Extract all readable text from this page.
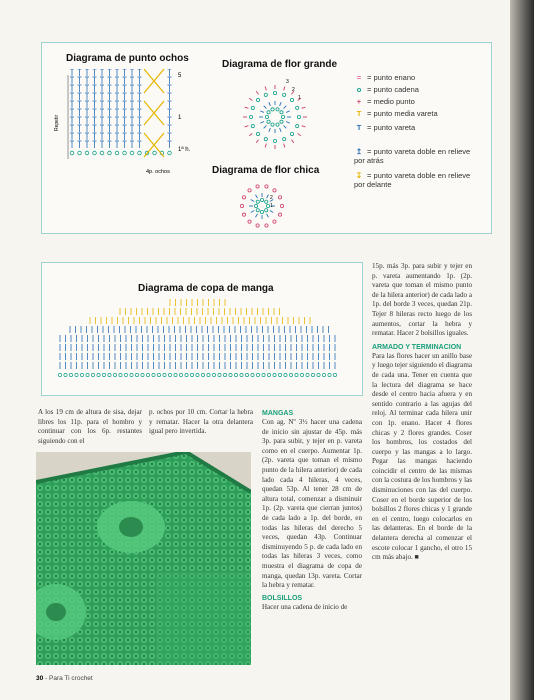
Diagrama de punto ochos
5
1
1ª h.
Repetir
4p. ochos
Diagrama de flor grande
3
2
1
Diagrama de flor chica
2
1
= = punto enano
o = punto cadena
+ = medio punto
T = punto media vareta
T = punto vareta
↥ = punto vareta doble en relieve por atrás
↧ = punto vareta doble en relieve por delante
Diagrama de copa de manga

A los 19 cm de altura de sisa, dejar libres los 11p. para el hombro y continuar con los 6p. restantes siguiendo con el

p. ochos por 10 cm. Cortar la hebra y rematar. Hacer la otra delantera igual pero invertida.

MANGAS

Con ag. Nº 3½ hacer una cadena de inicio sin ajustar de 45p. más 3p. para subir, y tejer en p. vareta como en el cuerpo. Aumentar 1p. (2p. vareta que toman el mismo punto de la hilera anterior) de cada lado cada 4 hileras, 4 veces, quedan 53p. Al tener 28 cm de altura total, comenzar a disminuir 1p. (2p. vareta que cierran juntos) de cada lado a 1p. del borde, en todas las hileras del derecho 5 veces, quedan 43p. Continuar disminuyendo 5 p. de cada lado en todas las hileras 3 veces, como muestra el diagrama de copa de manga, quedan 13p. vareta. Cortar la hebra y rematar.

BOLSILLOS

Hacer una cadena de inicio de

15p. más 3p. para subir y tejer en p. vareta aumentando 1p. (2p. vareta que toman el mismo punto de la hilera anterior) de cada lado a 1p. del borde 3 veces, quedan 21p. Tejer 8 hileras recto luego de los aumentos, cortar la hebra y rematar. Hacer 2 bolsillos iguales.

ARMADO Y TERMINACION

Para las flores hacer un anillo base y luego tejer siguiendo el diagrama de cada una. Tener en cuenta que la lectura del diagrama se hace desde el centro hacia afuera y en sentido contrario a las agujas del reloj. Al terminar cada hilera unir con 1p. enano. Hacer 4 flores chicas y 2 flores grandes. Coser los hombros, los costados del cuerpo y las mangas a lo largo. Pegar las mangas haciendo coincidir el centro de las mismas con la costura de los hombros y las disminuciones con las del cuerpo. Coser en el borde superior de los bolsillos 2 flores chicas y 1 grande en el centro, luego colocarlos en las delanteras. En el borde de la delantera derecha al comenzar el escote colocar 1 gancho, el otro 15 cm más abajo. ■

30 - Para Ti crochet
